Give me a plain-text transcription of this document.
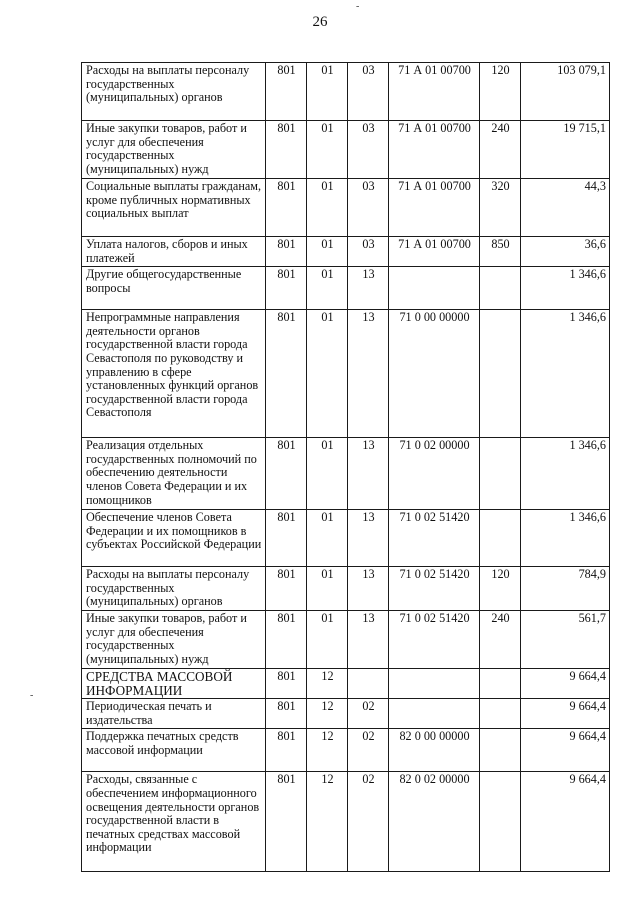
26
-
-
Расходы на выплаты персоналу государственных (муниципальных) органов	801	01	03	71 А 01 00700	120	103 079,1
Иные закупки товаров, работ и услуг для обеспечения государственных (муниципальных) нужд	801	01	03	71 А 01 00700	240	19 715,1
Социальные выплаты гражданам, кроме публичных нормативных социальных выплат	801	01	03	71 А 01 00700	320	44,3
Уплата налогов, сборов и иных платежей	801	01	03	71 А 01 00700	850	36,6
Другие общегосударственные вопросы	801	01	13			1 346,6
Непрограммные направления деятельности органов государственной власти города Севастополя по руководству и управлению в сфере установленных функций органов государственной власти города Севастополя	801	01	13	71 0 00 00000		1 346,6
Реализация отдельных государственных полномочий по обеспечению деятельности членов Совета Федерации и их помощников	801	01	13	71 0 02 00000		1 346,6
Обеспечение членов Совета Федерации и их помощников в субъектах Российской Федерации	801	01	13	71 0 02 51420		1 346,6
Расходы на выплаты персоналу государственных (муниципальных) органов	801	01	13	71 0 02 51420	120	784,9
Иные закупки товаров, работ и услуг для обеспечения государственных (муниципальных) нужд	801	01	13	71 0 02 51420	240	561,7
СРЕДСТВА МАССОВОЙ ИНФОРМАЦИИ	801	12				9 664,4
Периодическая печать и издательства	801	12	02			9 664,4
Поддержка печатных средств массовой информации	801	12	02	82 0 00 00000		9 664,4
Расходы, связанные с обеспечением информационного освещения деятельности органов государственной власти в печатных средствах массовой информации	801	12	02	82 0 02 00000		9 664,4
